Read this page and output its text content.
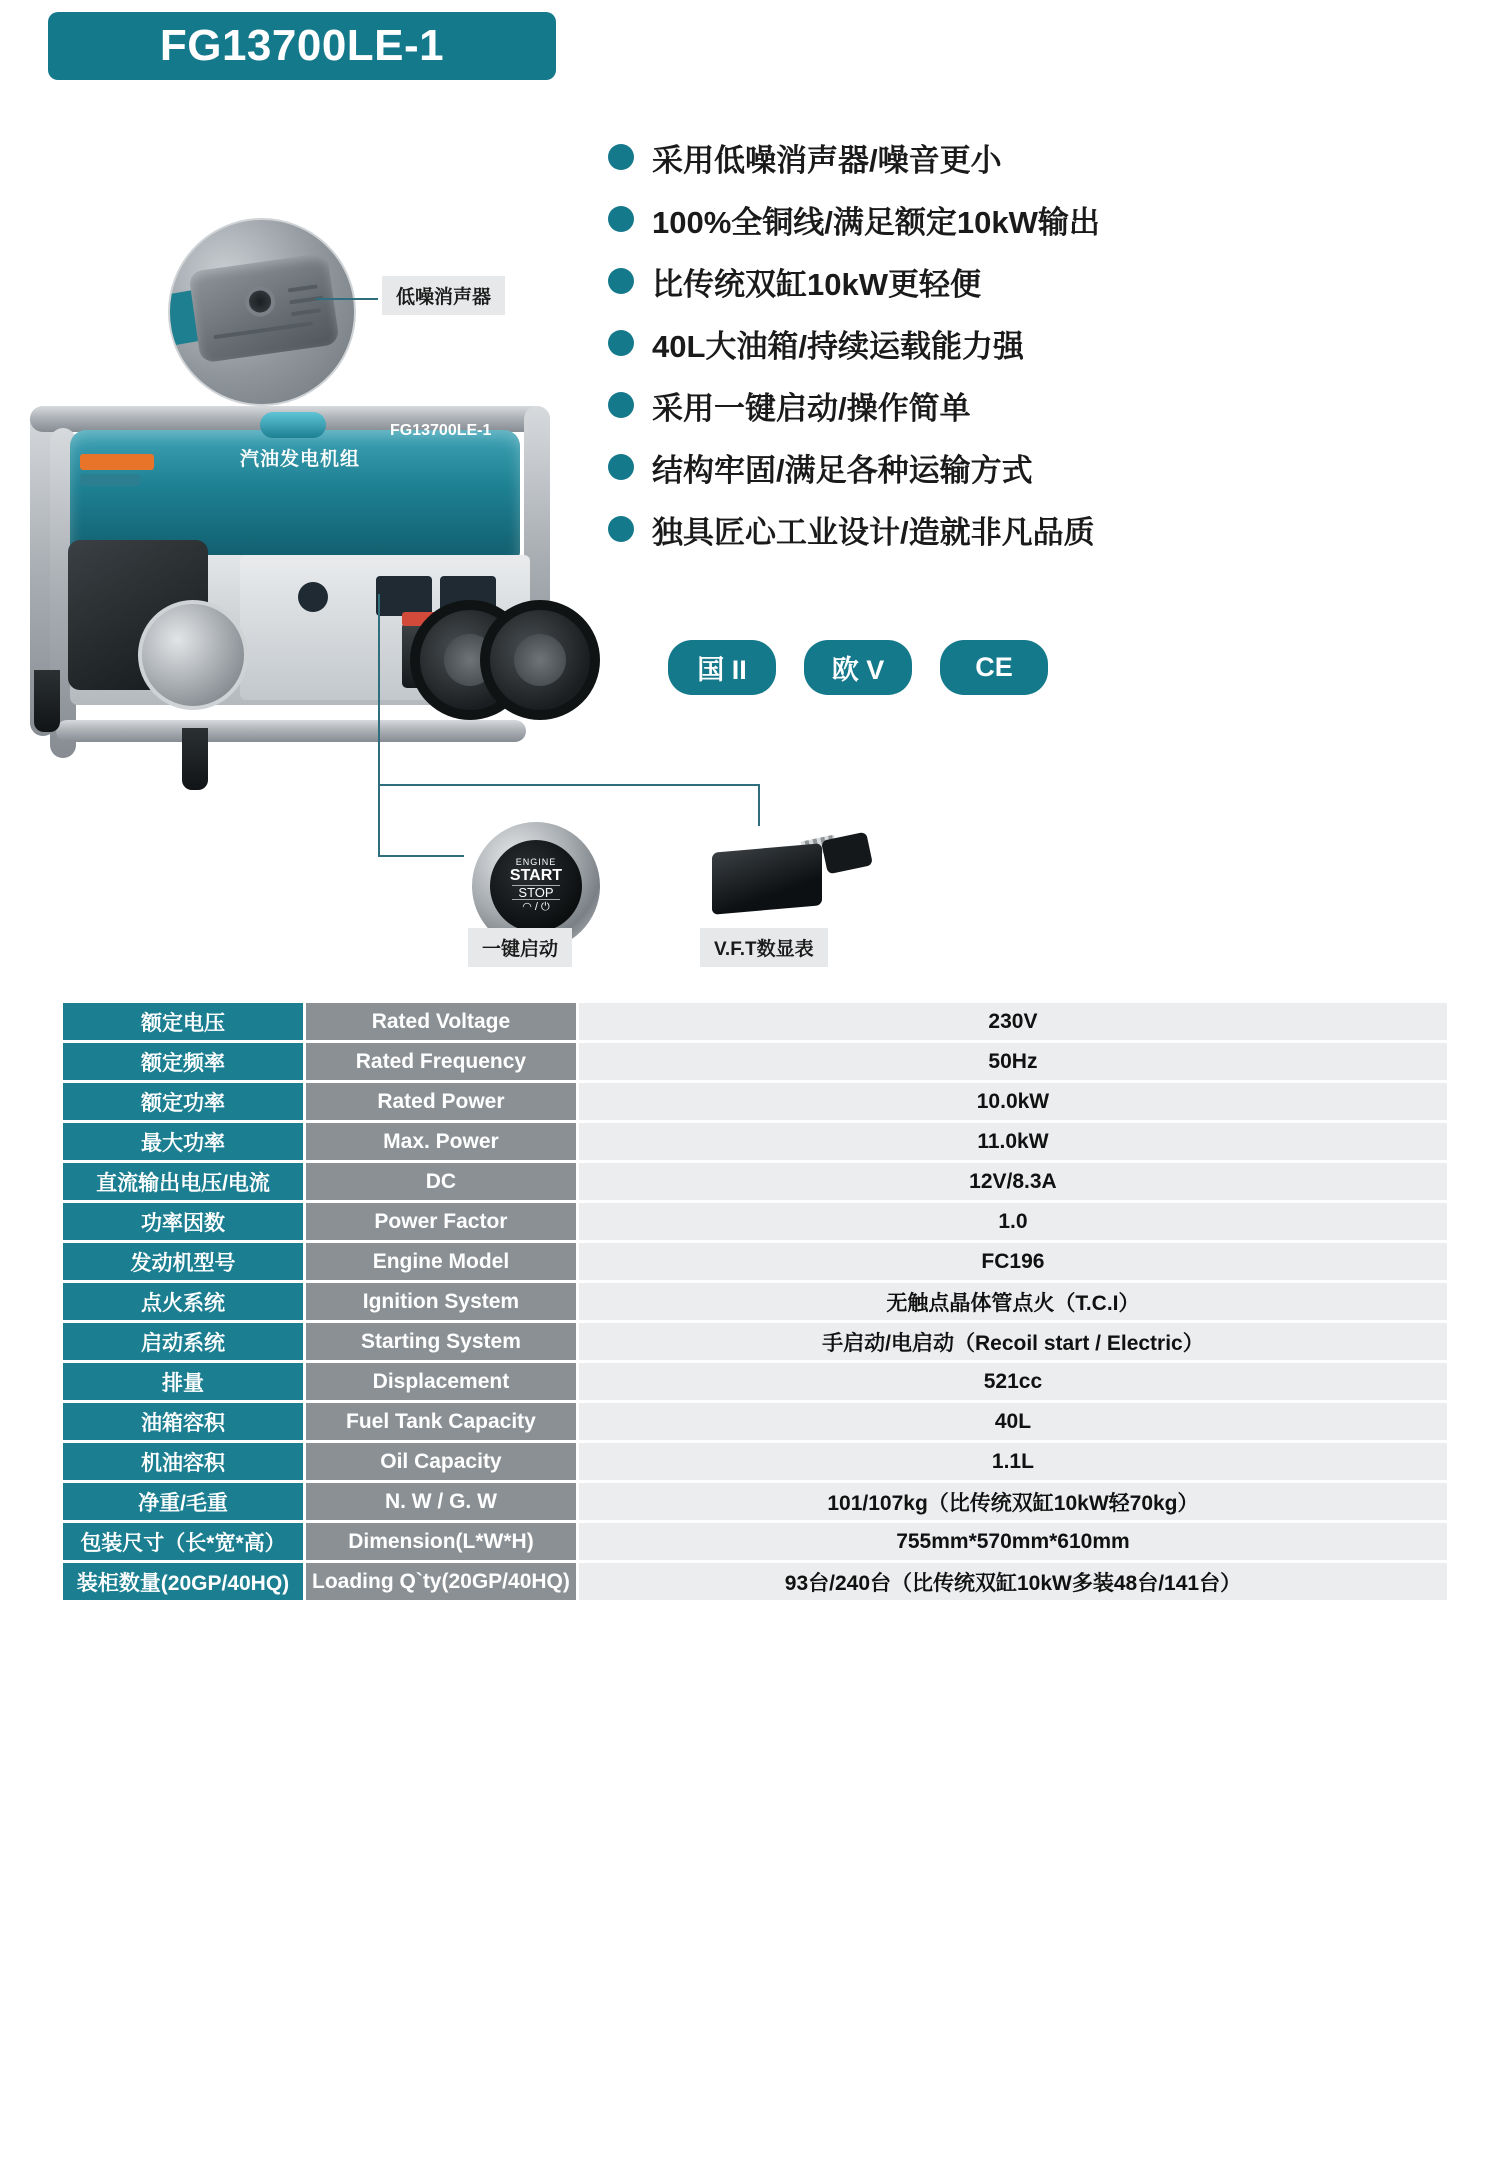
FG13700LE-1
采用低噪消声器/噪音更小
100%全铜线/满足额定10kW输出
比传统双缸10kW更轻便
40L大油箱/持续运载能力强
采用一键启动/操作简单
结构牢固/满足各种运输方式
独具匠心工业设计/造就非凡品质
国 II	欧 V	CE
汽油发电机组
FG13700LE-1
低噪消声器
ENGINE
START
STOP
◠ / ⏻
一键启动	V.F.T数显表
额定电压	Rated Voltage	230V
额定频率	Rated Frequency	50Hz
额定功率	Rated Power	10.0kW
最大功率	Max. Power	11.0kW
直流输出电压/电流	DC	12V/8.3A
功率因数	Power Factor	1.0
发动机型号	Engine Model	FC196
点火系统	Ignition System	无触点晶体管点火（T.C.I）
启动系统	Starting System	手启动/电启动（Recoil start / Electric）
排量	Displacement	521cc
油箱容积	Fuel Tank Capacity	40L
机油容积	Oil Capacity	1.1L
净重/毛重	N. W / G. W	101/107kg（比传统双缸10kW轻70kg）
包装尺寸（长*宽*高）	Dimension(L*W*H)	755mm*570mm*610mm
装柜数量(20GP/40HQ)	Loading Q`ty(20GP/40HQ)	93台/240台（比传统双缸10kW多装48台/141台）
